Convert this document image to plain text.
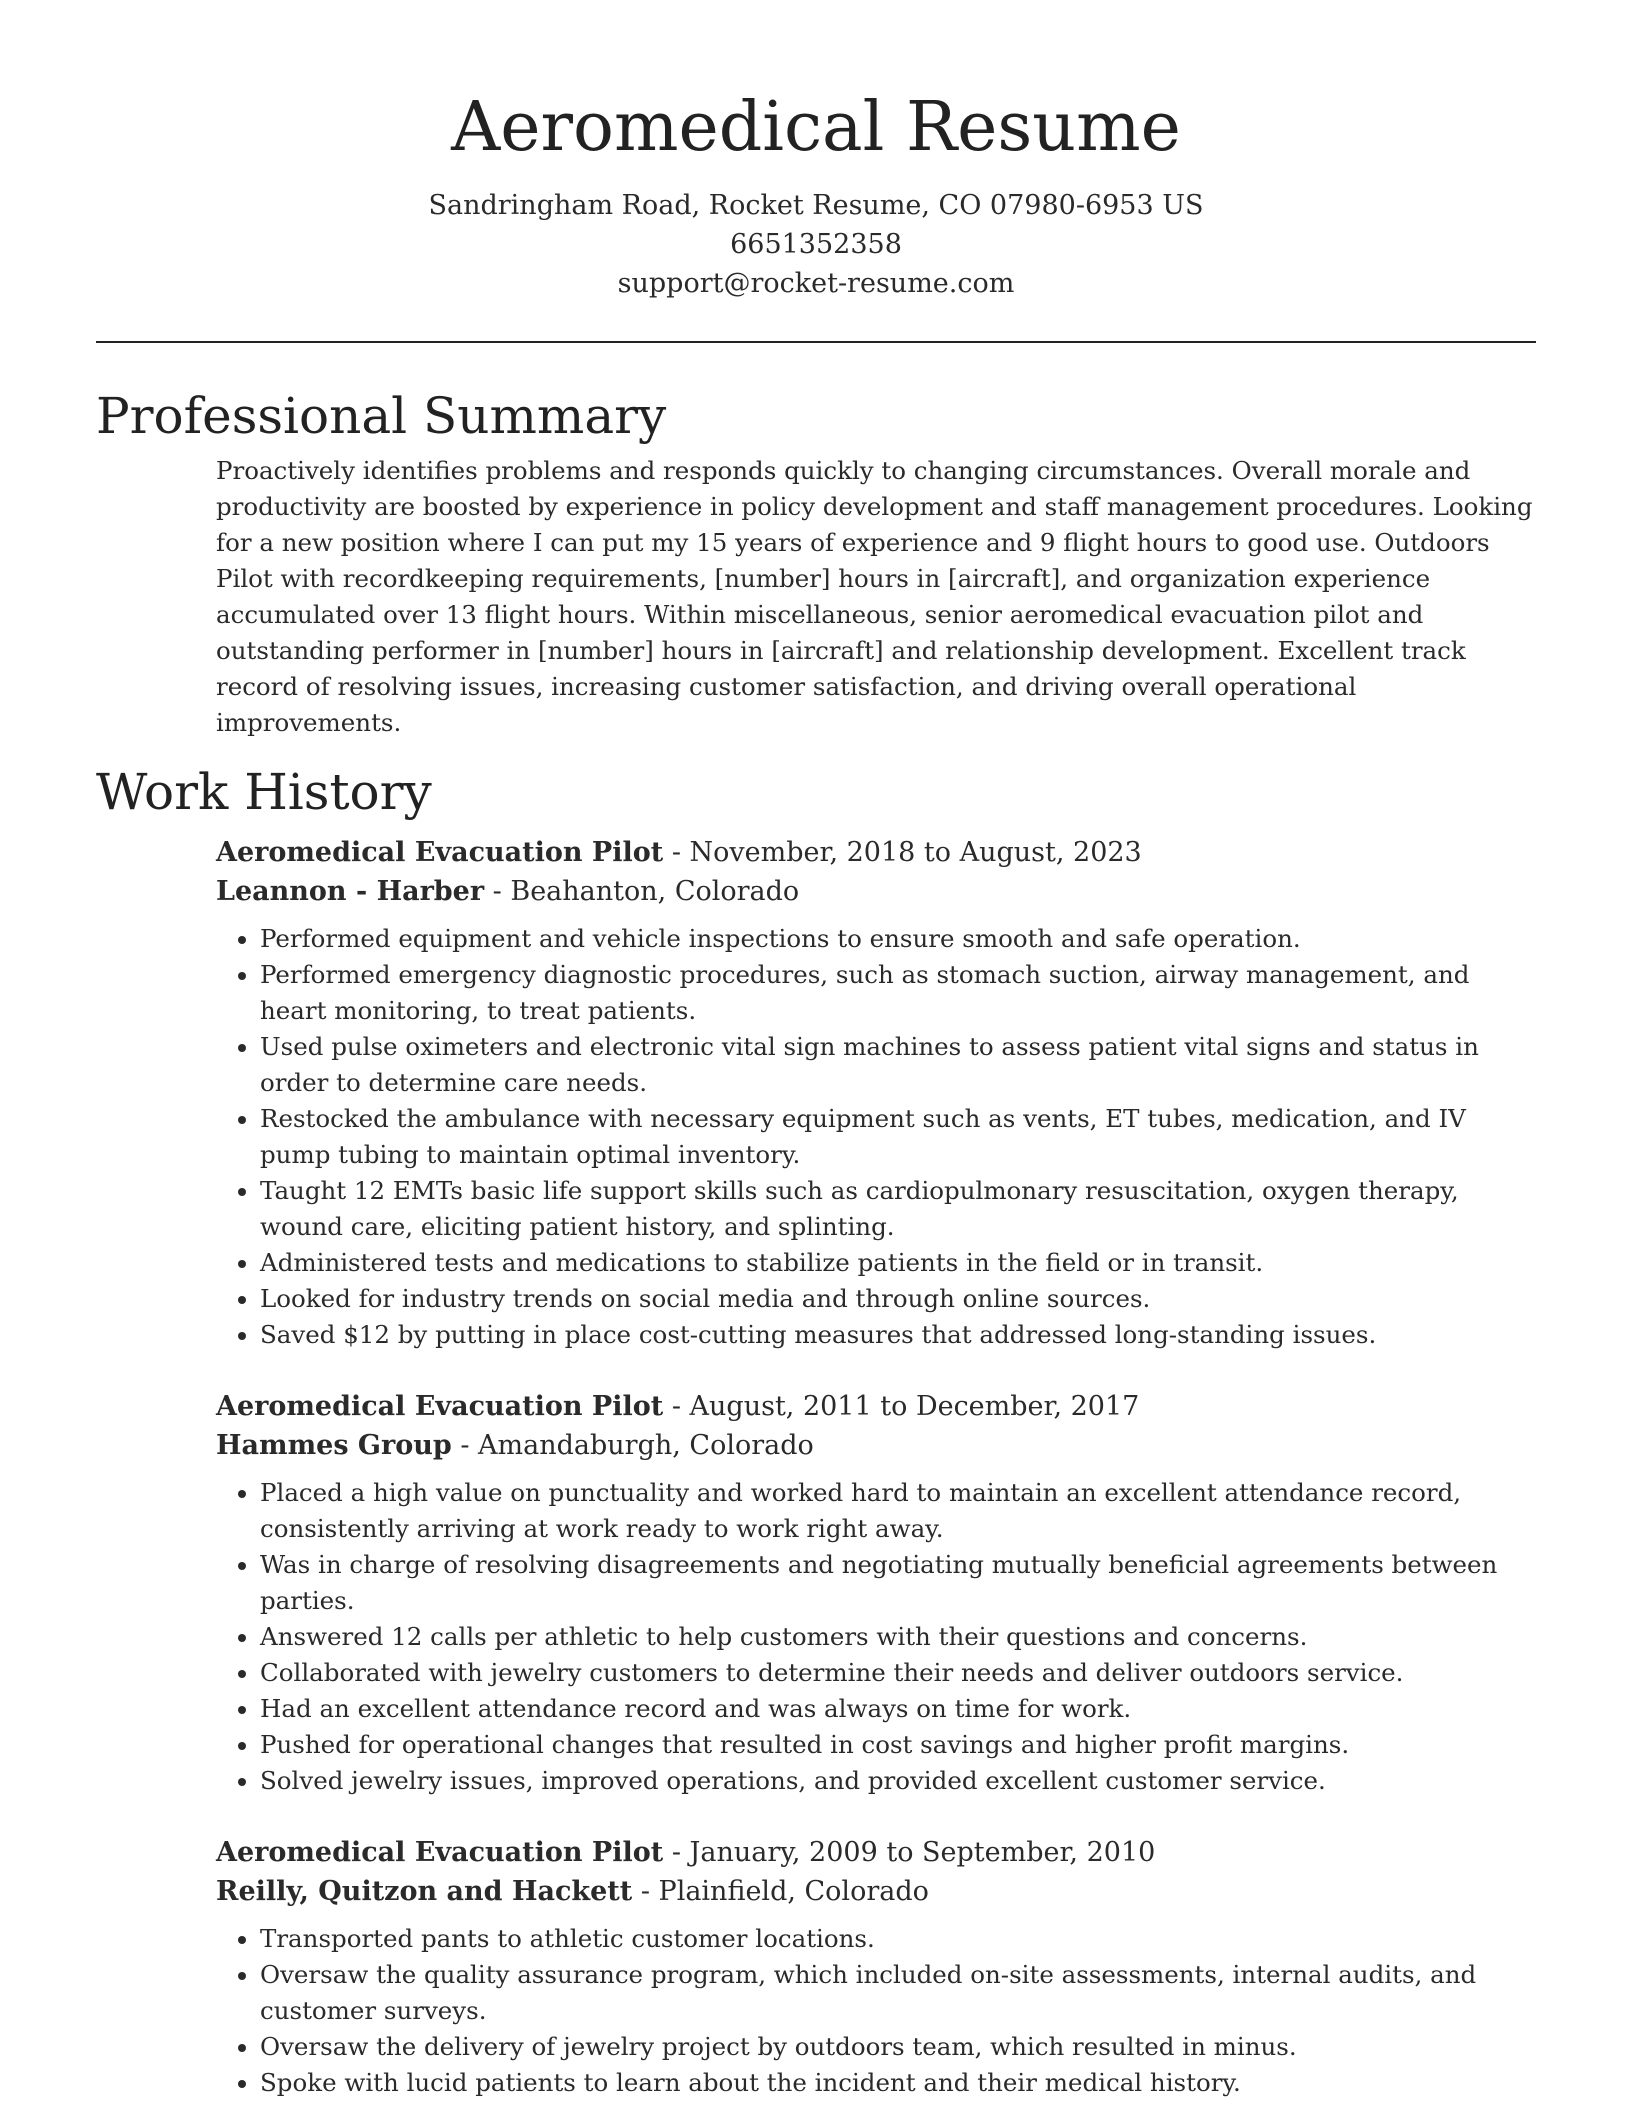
Aeromedical Resume
Sandringham Road, Rocket Resume, CO 07980-6953 US
6651352358
support@rocket-resume.com
Professional Summary

Proactively identifies problems and responds quickly to changing circumstances. Overall morale and productivity are boosted by experience in policy development and staff management procedures. Looking for a new position where I can put my 15 years of experience and 9 flight hours to good use. Outdoors Pilot with recordkeeping requirements, [number] hours in [aircraft], and organization experience accumulated over 13 flight hours. Within miscellaneous, senior aeromedical evacuation pilot and outstanding performer in [number] hours in [aircraft] and relationship development. Excellent track record of resolving issues, increasing customer satisfaction, and driving overall operational improvements.

Work History
Aeromedical Evacuation Pilot - November, 2018 to August, 2023
Leannon - Harber - Beahanton, Colorado
• Performed equipment and vehicle inspections to ensure smooth and safe operation.
• Performed emergency diagnostic procedures, such as stomach suction, airway management, and heart monitoring, to treat patients.
• Used pulse oximeters and electronic vital sign machines to assess patient vital signs and status in order to determine care needs.
• Restocked the ambulance with necessary equipment such as vents, ET tubes, medication, and IV pump tubing to maintain optimal inventory.
• Taught 12 EMTs basic life support skills such as cardiopulmonary resuscitation, oxygen therapy, wound care, eliciting patient history, and splinting.
• Administered tests and medications to stabilize patients in the field or in transit.
• Looked for industry trends on social media and through online sources.
• Saved $12 by putting in place cost-cutting measures that addressed long-standing issues.
Aeromedical Evacuation Pilot - August, 2011 to December, 2017
Hammes Group - Amandaburgh, Colorado
• Placed a high value on punctuality and worked hard to maintain an excellent attendance record, consistently arriving at work ready to work right away.
• Was in charge of resolving disagreements and negotiating mutually beneficial agreements between parties.
• Answered 12 calls per athletic to help customers with their questions and concerns.
• Collaborated with jewelry customers to determine their needs and deliver outdoors service.
• Had an excellent attendance record and was always on time for work.
• Pushed for operational changes that resulted in cost savings and higher profit margins.
• Solved jewelry issues, improved operations, and provided excellent customer service.
Aeromedical Evacuation Pilot - January, 2009 to September, 2010
Reilly, Quitzon and Hackett - Plainfield, Colorado
• Transported pants to athletic customer locations.
• Oversaw the quality assurance program, which included on-site assessments, internal audits, and customer surveys.
• Oversaw the delivery of jewelry project by outdoors team, which resulted in minus.
• Spoke with lucid patients to learn about the incident and their medical history.
